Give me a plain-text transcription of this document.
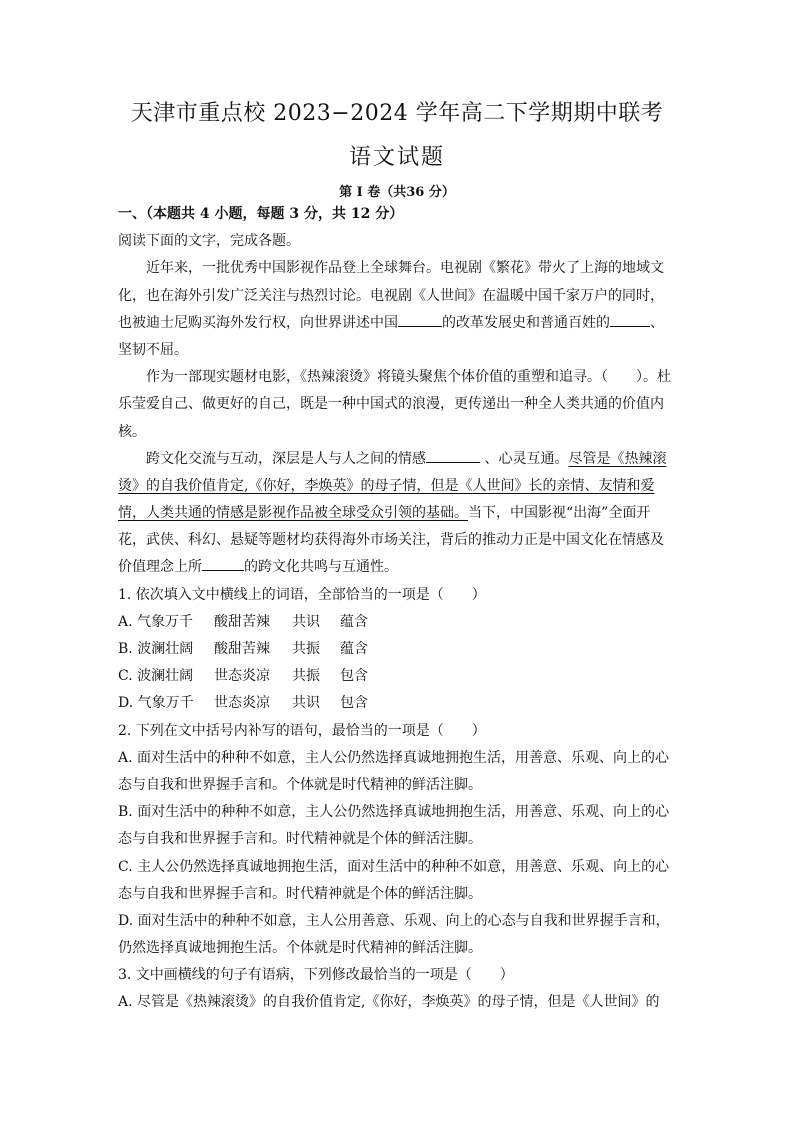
天津市重点校 2023−2024 学年高二下学期期中联考
语文试题
第 I 卷（共36 分）
一、（本题共 4 小题，每题 3 分，共 12 分）
阅读下面的文字，完成各题。
近年来，一批优秀中国影视作品登上全球舞台。电视剧《繁花》带火了上海的地域文
化，也在海外引发广泛关注与热烈讨论。电视剧《人世间》在温暖中国千家万户的同时，
也被迪士尼购买海外发行权，向世界讲述中国	的改革发展史和普通百姓的	、
坚韧不屈。
作为一部现实题材电影，《热辣滚烫》将镜头聚焦个体价值的重塑和追寻。（　　）。杜
乐莹爱自己、做更好的自己，既是一种中国式的浪漫，更传递出一种全人类共通的价值内
核。
跨文化交流与互动，深层是人与人之间的情感	、心灵互通。尽管是《热辣滚
烫》的自我价值肯定,《你好，李焕英》的母子情，但是《人世间》长的亲情、友情和爱
情，人类共通的情感是影视作品被全球受众引领的基础。当下，中国影视“出海”全面开
花，武侠、科幻、悬疑等题材均获得海外市场关注，背后的推动力正是中国文化在情感及
价值理念上所	的跨文化共鸣与互通性。
1. 依次填入文中横线上的词语，全部恰当的一项是（　　）
A. 气象万千 酸甜苦辣 共识 蕴含
B. 波澜壮阔 酸甜苦辣 共振 蕴含
C. 波澜壮阔 世态炎凉 共振 包含
D. 气象万千 世态炎凉 共识 包含
2. 下列在文中括号内补写的语句，最恰当的一项是（　　）
A. 面对生活中的种种不如意，主人公仍然选择真诚地拥抱生活，用善意、乐观、向上的心
态与自我和世界握手言和。个体就是时代精神的鲜活注脚。
B. 面对生活中的种种不如意，主人公仍然选择真诚地拥抱生活，用善意、乐观、向上的心
态与自我和世界握手言和。时代精神就是个体的鲜活注脚。
C. 主人公仍然选择真诚地拥抱生活，面对生活中的种种不如意，用善意、乐观、向上的心
态与自我和世界握手言和。时代精神就是个体的鲜活注脚。
D. 面对生活中的种种不如意，主人公用善意、乐观、向上的心态与自我和世界握手言和，
仍然选择真诚地拥抱生活。个体就是时代精神的鲜活注脚。
3. 文中画横线的句子有语病，下列修改最恰当的一项是（　　）
A. 尽管是《热辣滚烫》的自我价值肯定,《你好，李焕英》的母子情，但是《人世间》的
